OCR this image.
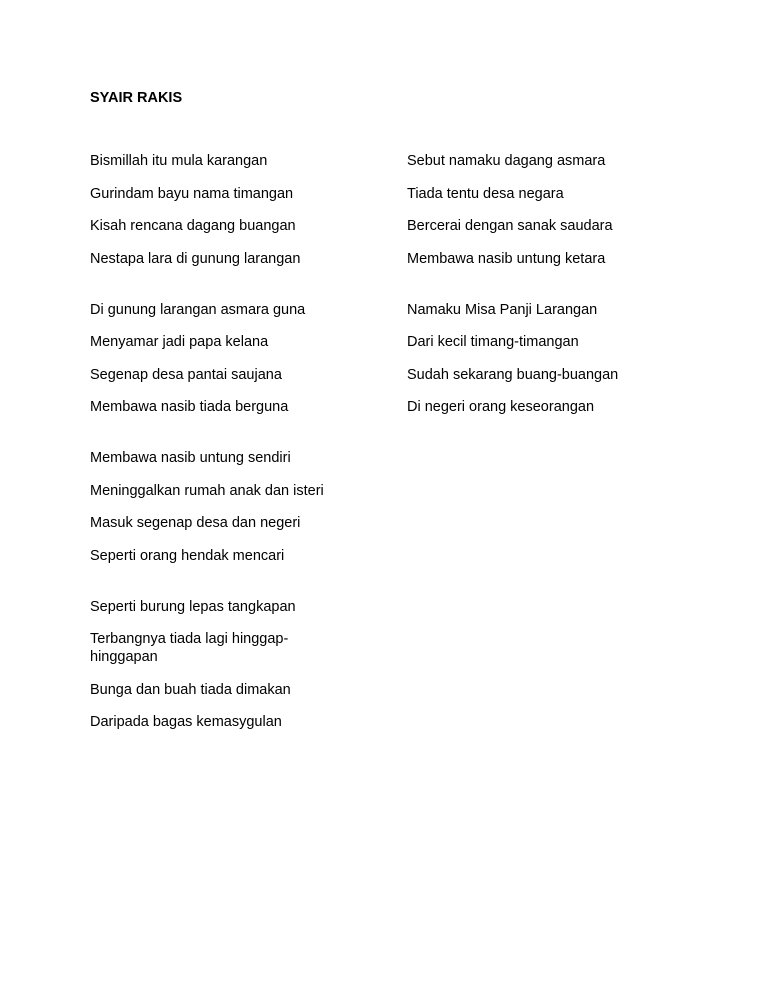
SYAIR RAKIS

Bismillah itu mula karangan

Gurindam bayu nama timangan

Kisah rencana dagang buangan

Nestapa lara di gunung larangan

Di gunung larangan asmara guna

Menyamar jadi papa kelana

Segenap desa pantai saujana

Membawa nasib tiada berguna

Membawa nasib untung sendiri

Meninggalkan rumah anak dan isteri

Masuk segenap desa dan negeri

Seperti orang hendak mencari

Seperti burung lepas tangkapan

Terbangnya tiada lagi hinggap-hinggapan

Bunga dan buah tiada dimakan

Daripada bagas kemasygulan

Sebut namaku dagang asmara

Tiada tentu desa negara

Bercerai dengan sanak saudara

Membawa nasib untung ketara

Namaku Misa Panji Larangan

Dari kecil timang-timangan

Sudah sekarang buang-buangan

Di negeri orang keseorangan
